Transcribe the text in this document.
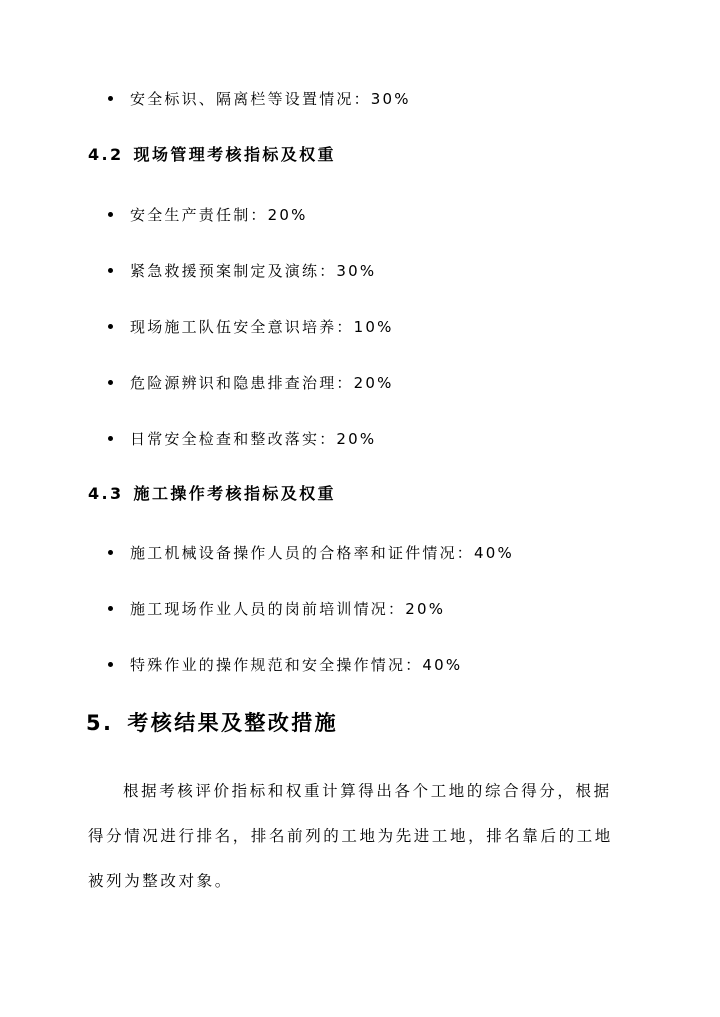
安全标识、隔离栏等设置情况：30%
4.2 现场管理考核指标及权重
安全生产责任制：20%
紧急救援预案制定及演练：30%
现场施工队伍安全意识培养：10%
危险源辨识和隐患排查治理：20%
日常安全检查和整改落实：20%
4.3 施工操作考核指标及权重
施工机械设备操作人员的合格率和证件情况：40%
施工现场作业人员的岗前培训情况：20%
特殊作业的操作规范和安全操作情况：40%
5. 考核结果及整改措施
根据考核评价指标和权重计算得出各个工地的综合得分，根据
得分情况进行排名，排名前列的工地为先进工地，排名靠后的工地
被列为整改对象。
